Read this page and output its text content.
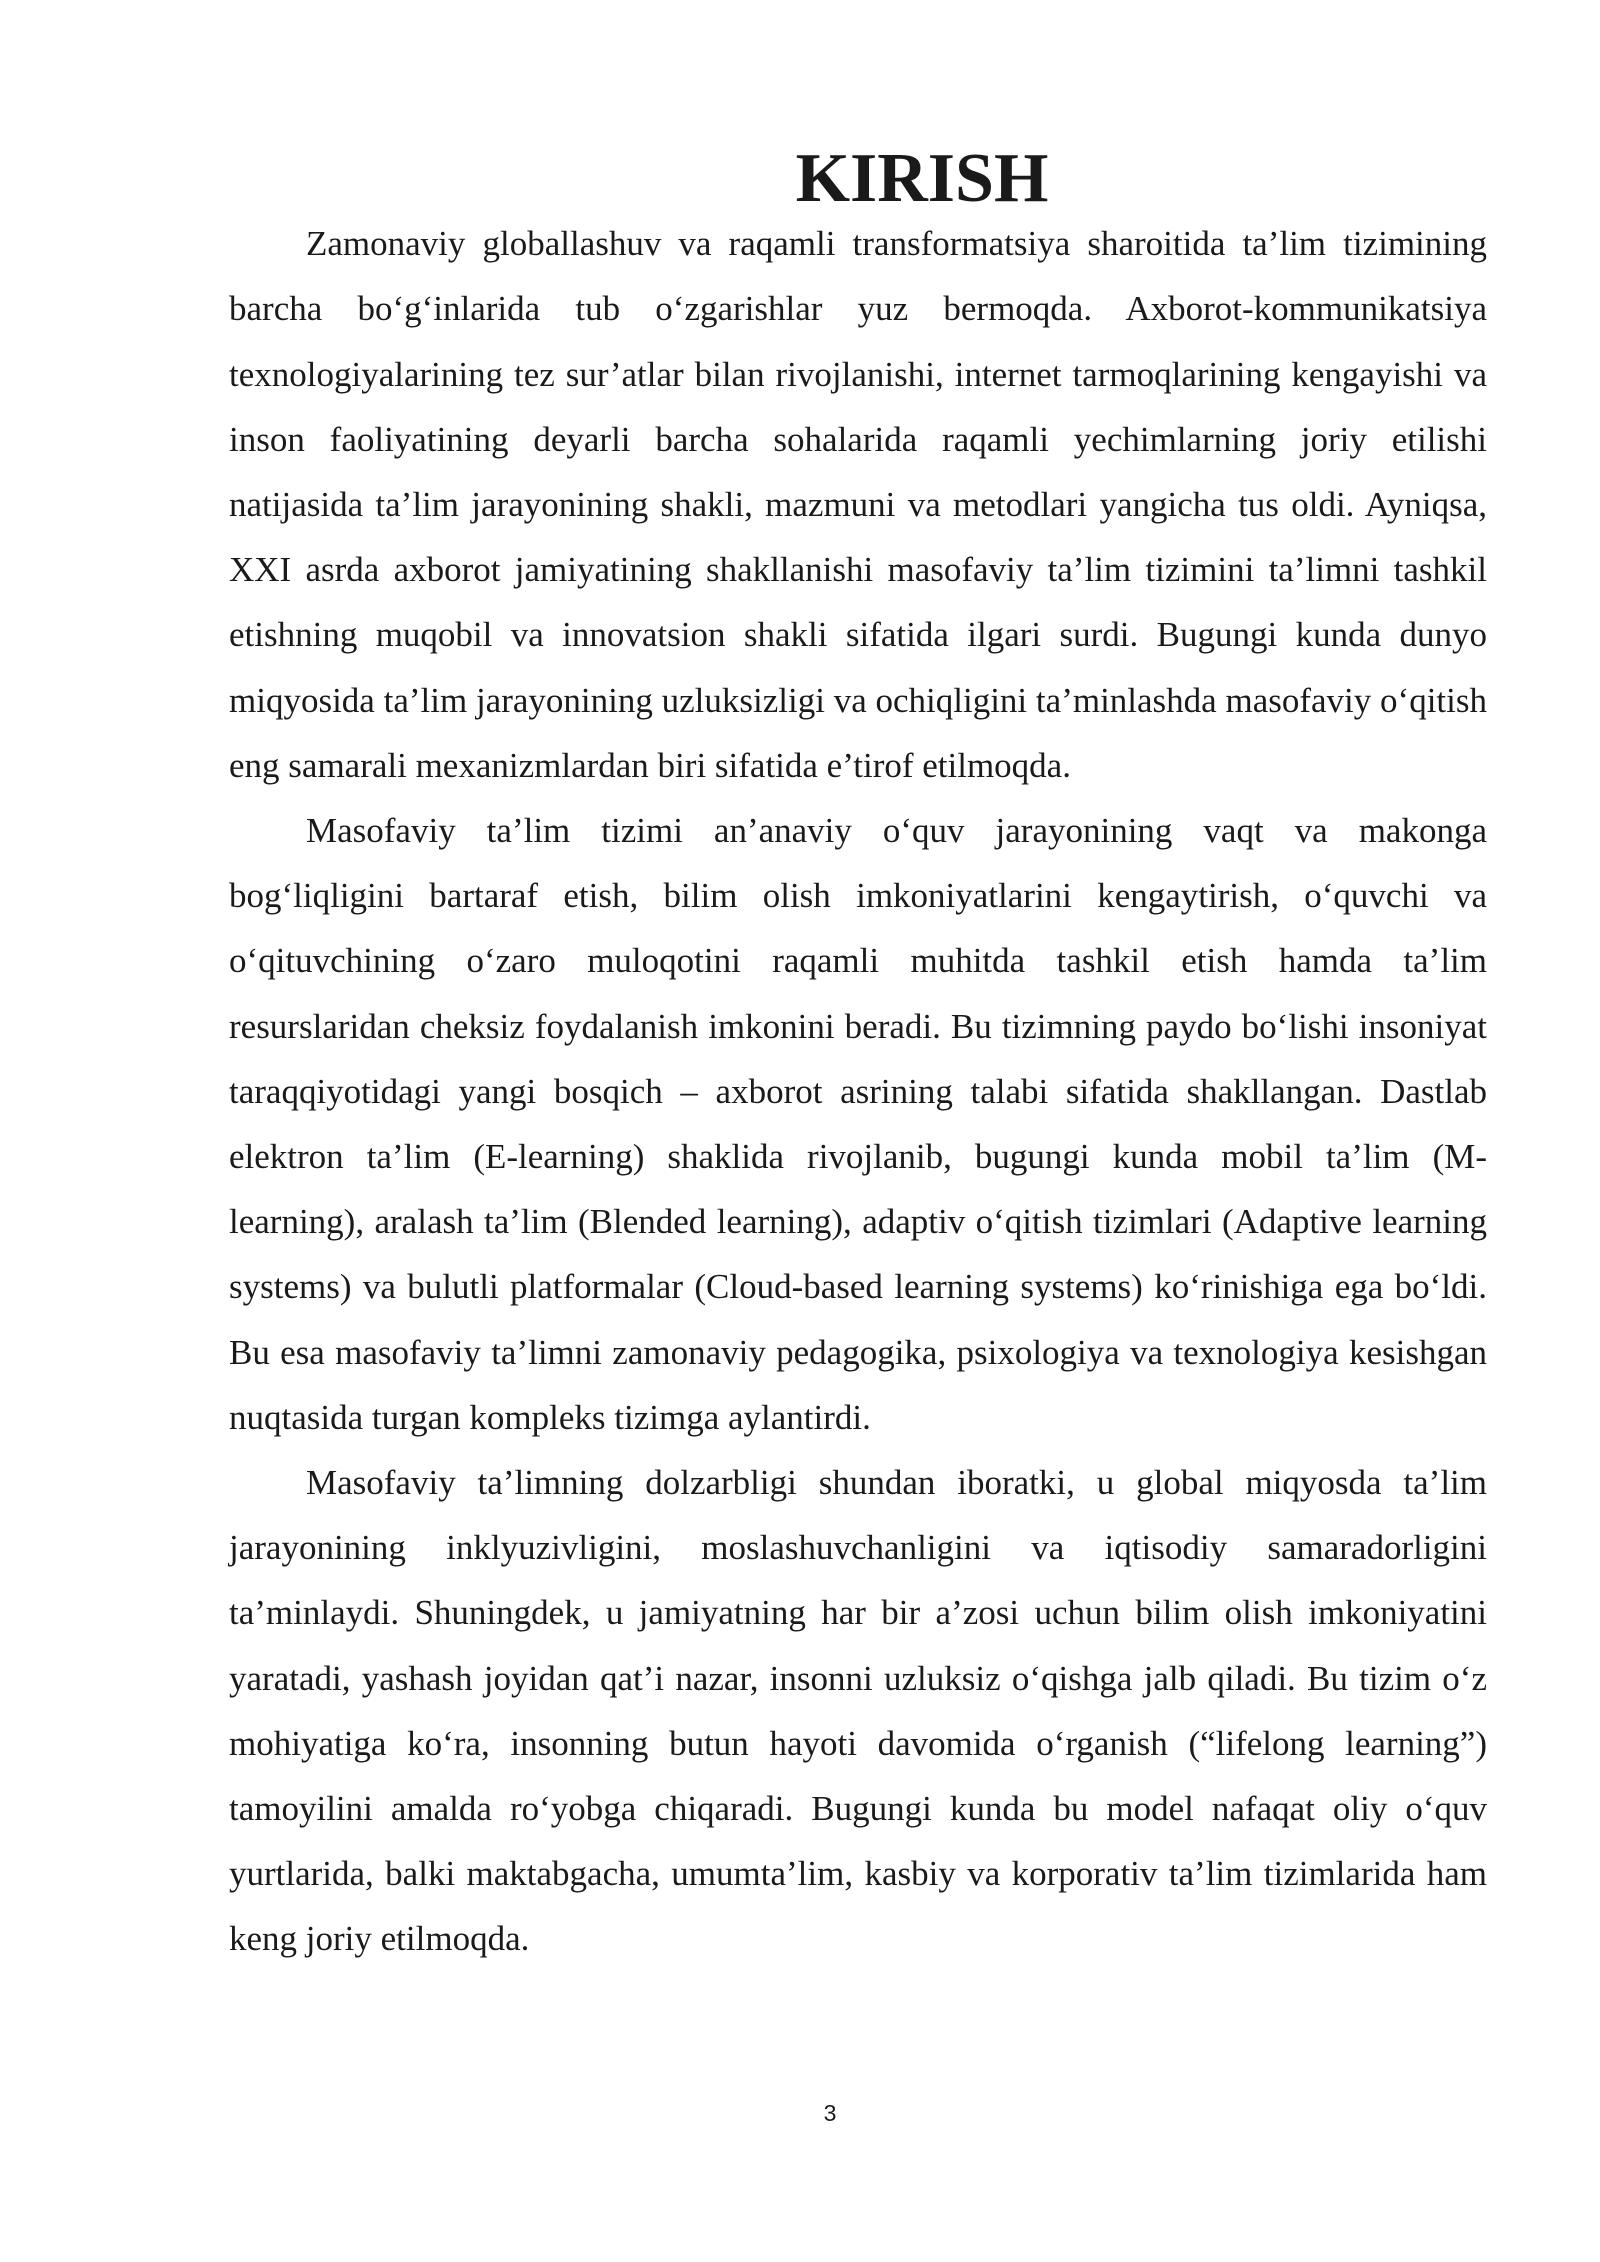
KIRISH

Zamonaviy globallashuv va raqamli transformatsiya sharoitida ta’lim tizimining barcha bo‘g‘inlarida tub o‘zgarishlar yuz bermoqda. Axborot-kommunikatsiya texnologiyalarining tez sur’atlar bilan rivojlanishi, internet tarmoqlarining kengayishi va inson faoliyatining deyarli barcha sohalarida raqamli yechimlarning joriy etilishi natijasida ta’lim jarayonining shakli, mazmuni va metodlari yangicha tus oldi. Ayniqsa, XXI asrda axborot jamiyatining shakllanishi masofaviy ta’lim tizimini ta’limni tashkil etishning muqobil va innovatsion shakli sifatida ilgari surdi. Bugungi kunda dunyo miqyosida ta’lim jarayonining uzluksizligi va ochiqligini ta’minlashda masofaviy o‘qitish eng samarali mexanizmlardan biri sifatida e’tirof etilmoqda.

Masofaviy ta’lim tizimi an’anaviy o‘quv jarayonining vaqt va makonga bog‘liqligini bartaraf etish, bilim olish imkoniyatlarini kengaytirish, o‘quvchi va o‘qituvchining o‘zaro muloqotini raqamli muhitda tashkil etish hamda ta’lim resurslaridan cheksiz foydalanish imkonini beradi. Bu tizimning paydo bo‘lishi insoniyat taraqqiyotidagi yangi bosqich – axborot asrining talabi sifatida shakllangan. Dastlab elektron ta’lim (E-learning) shaklida rivojlanib, bugungi kunda mobil ta’lim (M-learning), aralash ta’lim (Blended learning), adaptiv o‘qitish tizimlari (Adaptive learning systems) va bulutli platformalar (Cloud-based learning systems) ko‘rinishiga ega bo‘ldi. Bu esa masofaviy ta’limni zamonaviy pedagogika, psixologiya va texnologiya kesishgan nuqtasida turgan kompleks tizimga aylantirdi.

Masofaviy ta’limning dolzarbligi shundan iboratki, u global miqyosda ta’lim jarayonining inklyuzivligini, moslashuvchanligini va iqtisodiy samaradorligini ta’minlaydi. Shuningdek, u jamiyatning har bir a’zosi uchun bilim olish imkoniyatini yaratadi, yashash joyidan qat’i nazar, insonni uzluksiz o‘qishga jalb qiladi. Bu tizim o‘z mohiyatiga ko‘ra, insonning butun hayoti davomida o‘rganish (“lifelong learning”) tamoyilini amalda ro‘yobga chiqaradi. Bugungi kunda bu model nafaqat oliy o‘quv yurtlarida, balki maktabgacha, umumta’lim, kasbiy va korporativ ta’lim tizimlarida ham keng joriy etilmoqda.

3
